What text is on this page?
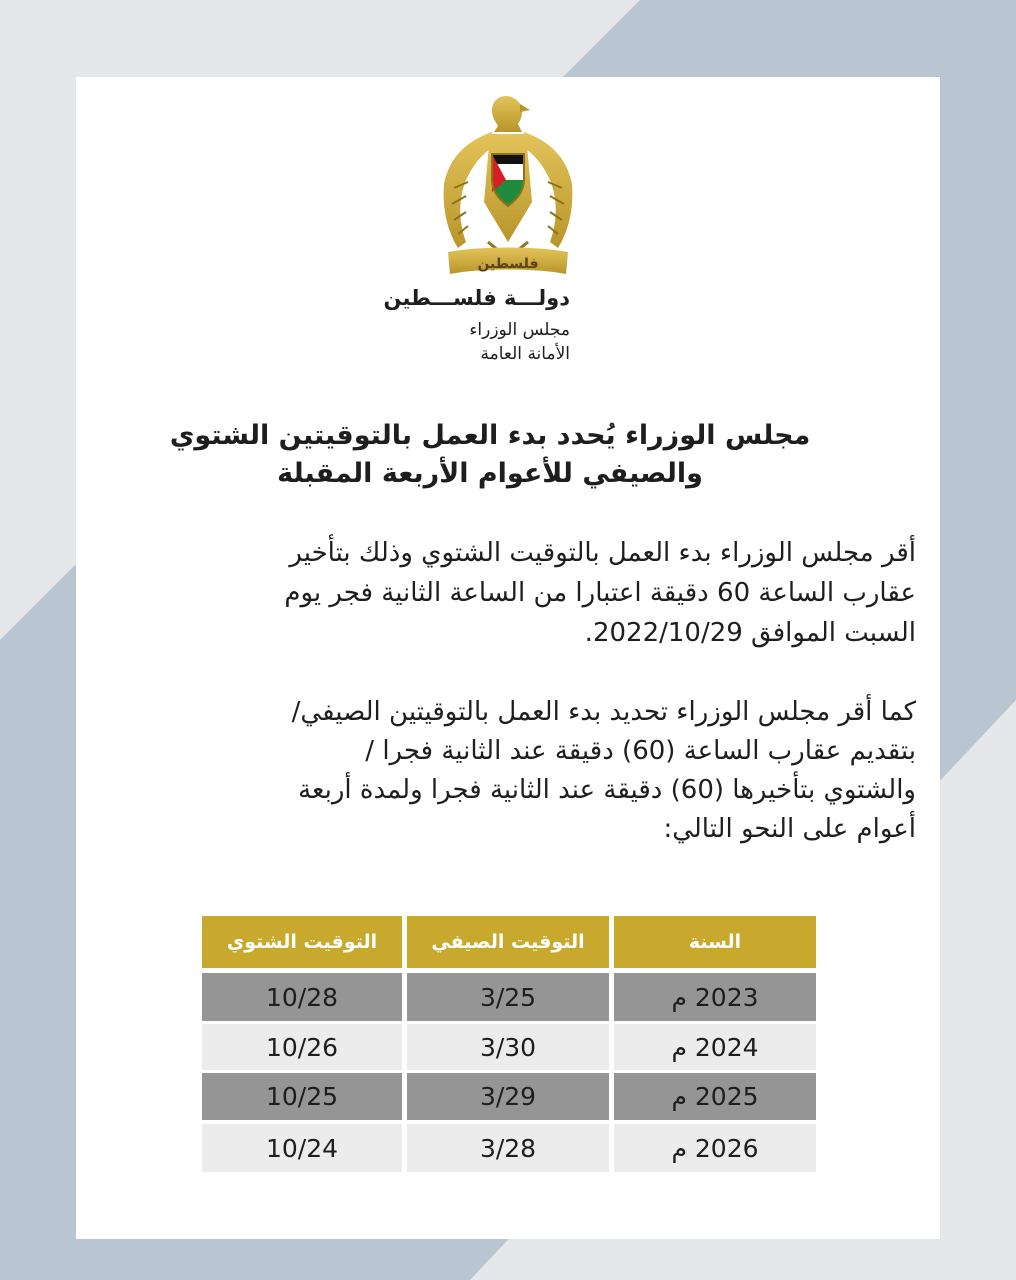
فلسطين
دولـــة فلســـطين
مجلس الوزراء
الأمانة العامة
مجلس الوزراء يُحدد بدء العمل بالتوقيتين الشتوي
والصيفي للأعوام الأربعة المقبلة
أقر مجلس الوزراء بدء العمل بالتوقيت الشتوي وذلك بتأخير
عقارب الساعة 60 دقيقة اعتبارا من الساعة الثانية فجر يوم
السبت الموافق 2022/10/29.
كما أقر مجلس الوزراء تحديد بدء العمل بالتوقيتين الصيفي/
بتقديم عقارب الساعة (60) دقيقة عند الثانية فجرا /
والشتوي بتأخيرها (60) دقيقة عند الثانية فجرا ولمدة أربعة
أعوام على النحو التالي:
السنة
التوقيت الصيفي
التوقيت الشتوي
2023 م
3/25
10/28
2024 م
3/30
10/26
2025 م
3/29
10/25
2026 م
3/28
10/24
